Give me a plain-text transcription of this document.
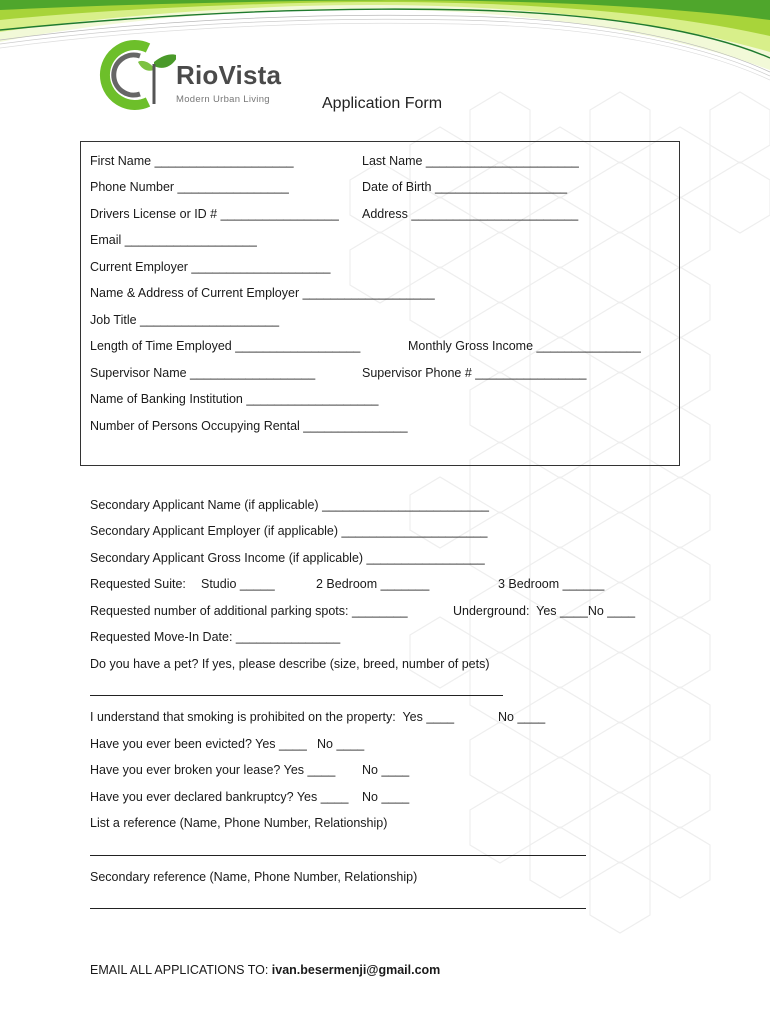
RioVista
Modern Urban Living	Application Form
First Name ____________________	Last Name ______________________
Phone Number ________________	Date of Birth ___________________
Drivers License or ID # _________________ Address ________________________
Email ___________________
Current Employer ____________________
Name & Address of Current Employer ___________________
Job Title ____________________
Length of Time Employed __________________	Monthly Gross Income _______________
Supervisor Name __________________	Supervisor Phone # ________________
Name of Banking Institution ___________________
Number of Persons Occupying Rental _______________
Secondary Applicant Name (if applicable) ________________________
Secondary Applicant Employer (if applicable) _____________________
Secondary Applicant Gross Income (if applicable) _________________
Requested Suite: Studio _____	2 Bedroom _______	3 Bedroom ______
Requested number of additional parking spots: ________	Underground:  Yes ____No ____
Requested Move-In Date: _______________
Do you have a pet? If yes, please describe (size, breed, number of pets)
I understand that smoking is prohibited on the property:  Yes ____	No ____
Have you ever been evicted? Yes ____ No ____
Have you ever broken your lease? Yes ____ No ____
Have you ever declared bankruptcy? Yes ____ No ____
List a reference (Name, Phone Number, Relationship)
Secondary reference (Name, Phone Number, Relationship)
EMAIL ALL APPLICATIONS TO: ivan.besermenji@gmail.com
